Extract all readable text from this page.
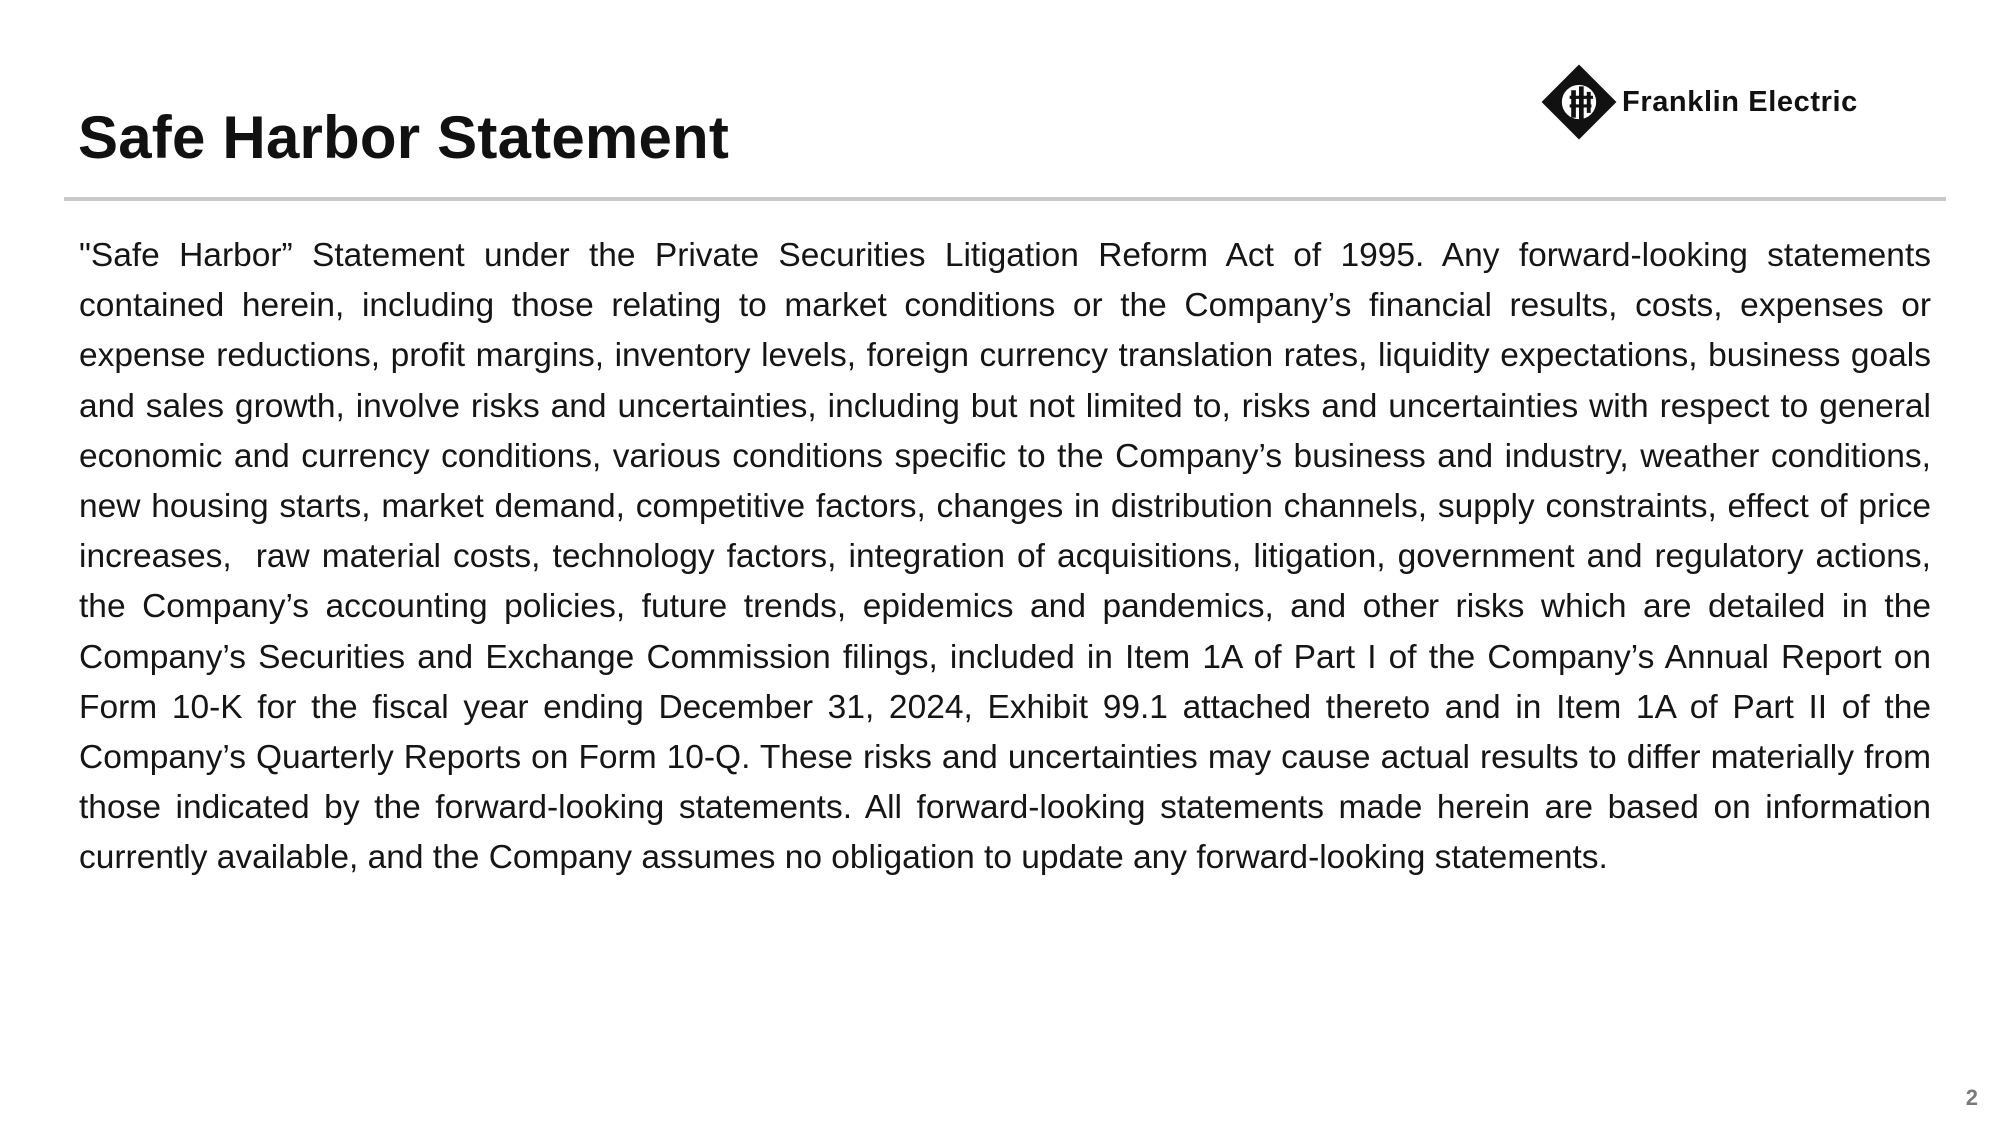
Safe Harbor Statement
Franklin Electric

"Safe Harbor” Statement under the Private Securities Litigation Reform Act of 1995. Any forward-looking statements contained herein, including those relating to market conditions or the Company’s financial results, costs, expenses or expense reductions, profit margins, inventory levels, foreign currency translation rates, liquidity expectations, business goals and sales growth, involve risks and uncertainties, including but not limited to, risks and uncertainties with respect to general economic and currency conditions, various conditions specific to the Company’s business and industry, weather conditions, new housing starts, market demand, competitive factors, changes in distribution channels, supply constraints, effect of price increases,  raw material costs, technology factors, integration of acquisitions, litigation, government and regulatory actions, the Company’s accounting policies, future trends, epidemics and pandemics, and other risks which are detailed in the Company’s Securities and Exchange Commission filings, included in Item 1A of Part I of the Company’s Annual Report on Form 10-K for the fiscal year ending December 31, 2024, Exhibit 99.1 attached thereto and in Item 1A of Part II of the Company’s Quarterly Reports on Form 10-Q. These risks and uncertainties may cause actual results to differ materially from those indicated by the forward-looking statements. All forward-looking statements made herein are based on information currently available, and the Company assumes no obligation to update any forward-looking statements.

2
